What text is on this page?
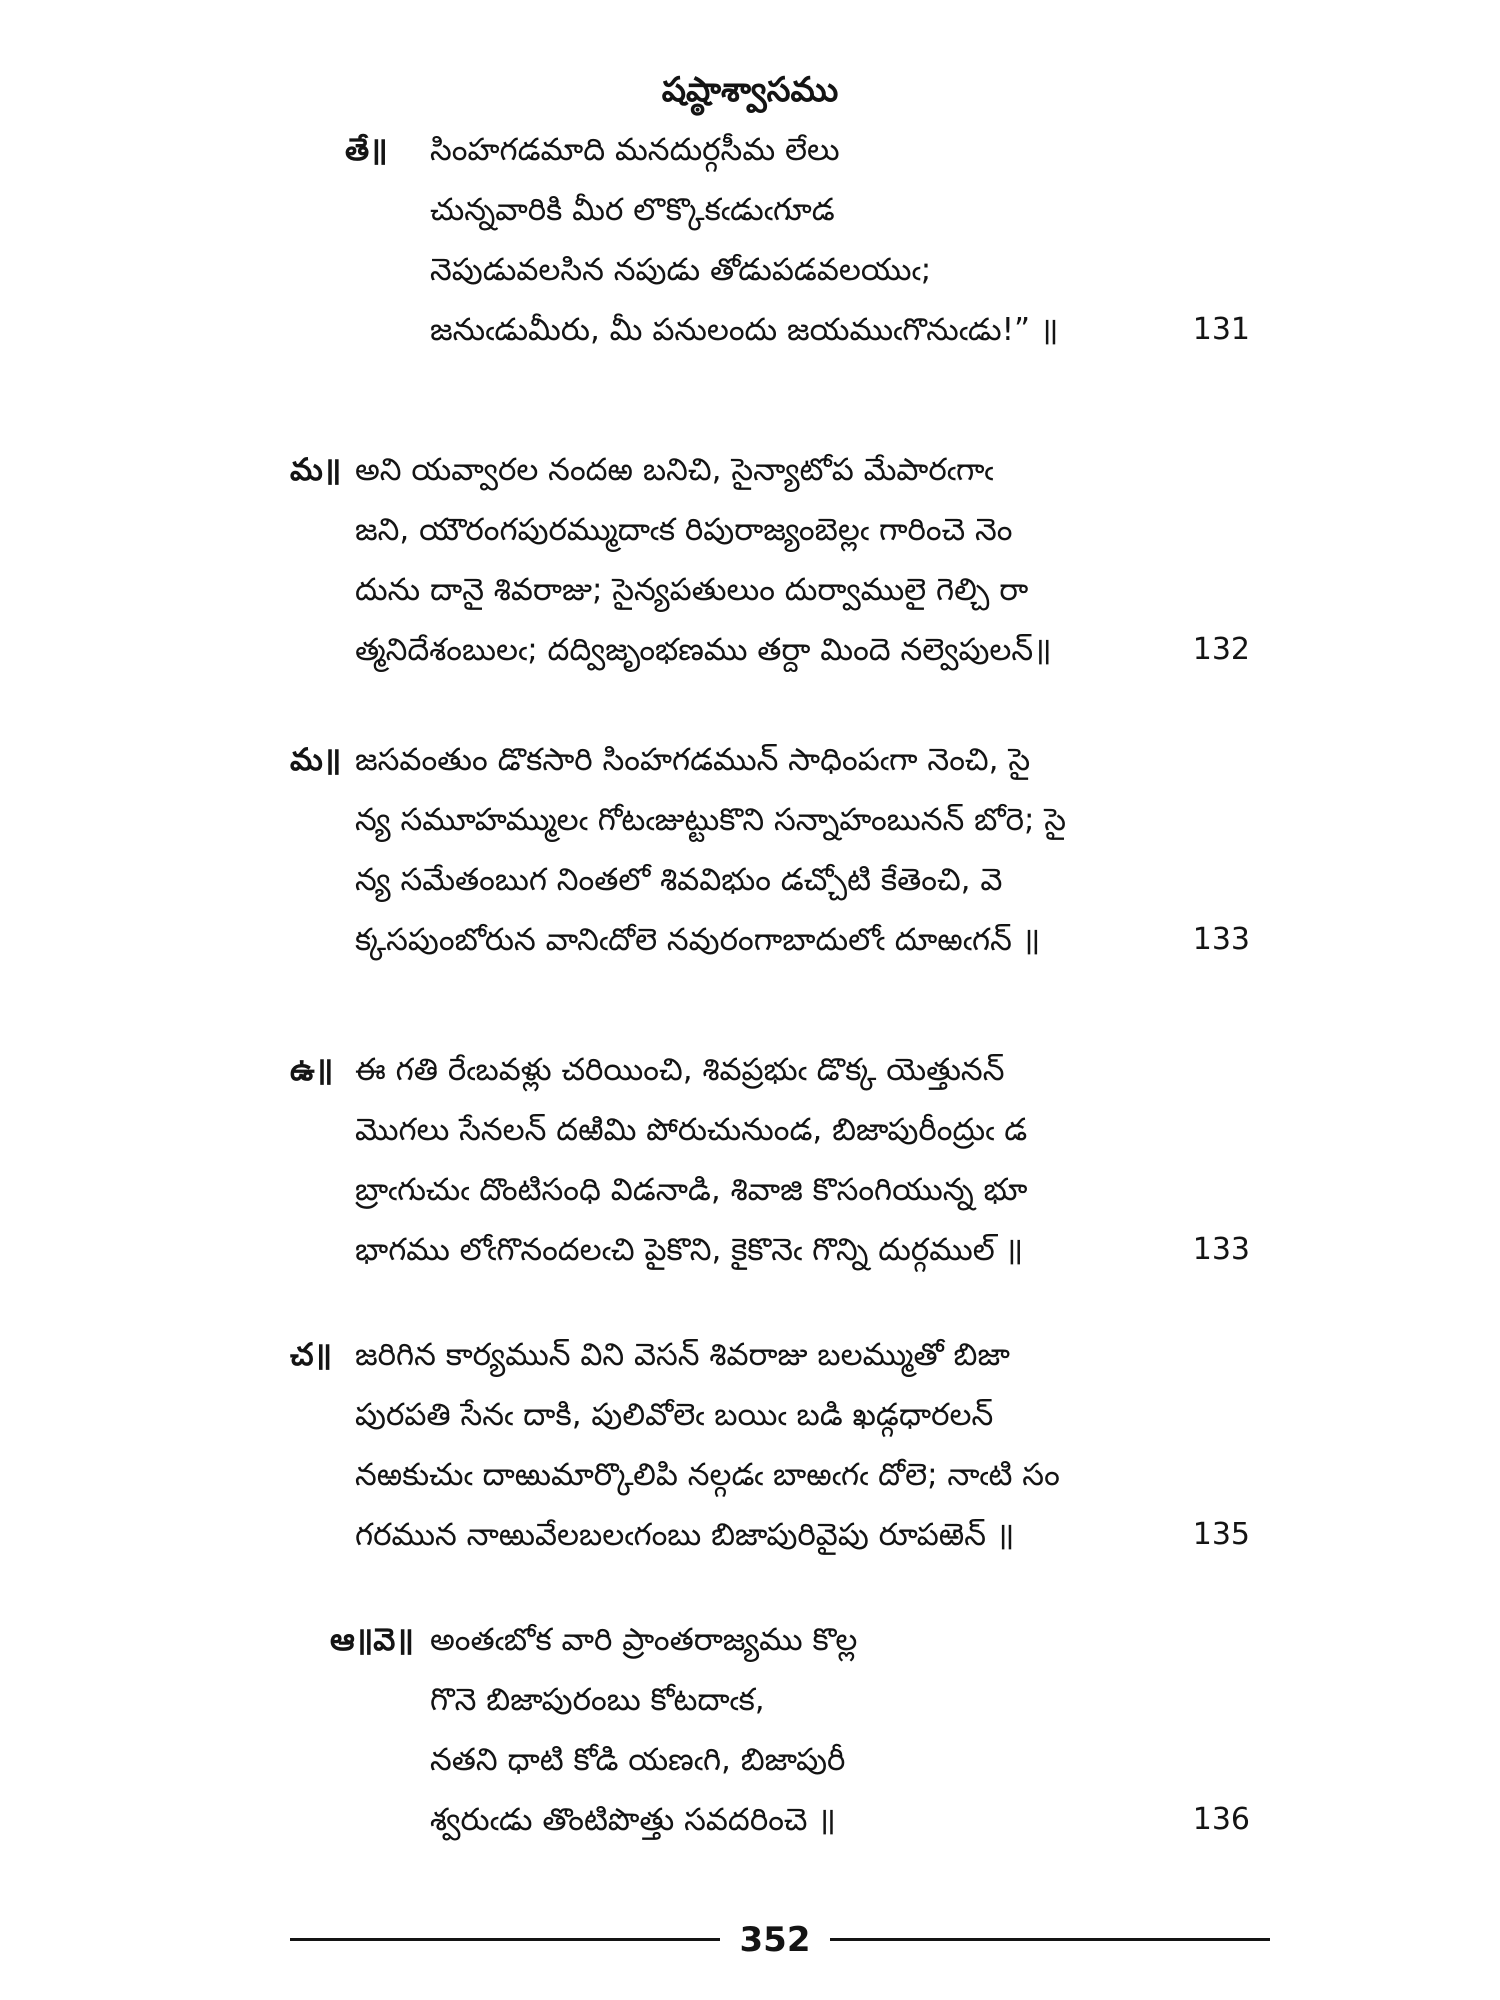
షష్ఠాశ్వాసము
తే॥ సింహగడమాది మనదుర్గసీమ లేలు
చున్నవారికి మీర లొక్కొకఁడుఁగూడ
నెపుడువలసిన నపుడు తోడుపడవలయుఁ;
జనుఁడుమీరు, మీ పనులందు జయముఁగొనుఁడు!” ॥	131
మ॥ అని యవ్వారల నందఱ బనిచి, సైన్యాటోప మేపారఁగాఁ
జని, యౌరంగపురమ్ముదాఁక రిపురాజ్యంబెల్లఁ గారించె నెం
దును దానై శివరాజు; సైన్యపతులుం దుర్వాములై గెల్చి రా
త్మనిదేశంబులఁ; దద్విజృంభణము తర్దా మిందె నల్వెపులన్॥	132
మ॥ జసవంతుం డొకసారి సింహగడమున్ సాధింపఁగా నెంచి, సై
న్య సమూహమ్ములఁ గోటఁజుట్టుకొని సన్నాహంబునన్ బోరె; సై
న్య సమేతంబుగ నింతలో శివవిభుం డచ్చోటి కేతెంచి, వె
క్కసపుంబోరున వానిఁదోలె నవురంగాబాదులోఁ దూఱఁగన్ ॥	133
ఉ॥ ఈ గతి రేఁబవళ్లు చరియించి, శివప్రభుఁ డొక్క యెత్తునన్
మొగలు సేనలన్ దఱిమి పోరుచునుండ, బిజాపురీంద్రుఁ డ
బ్రాఁగుచుఁ దొంటిసంధి విడనాడి, శివాజి కొసంగియున్న భూ
భాగము లోఁగొనందలఁచి పైకొని, కైకొనెఁ గొన్ని దుర్గముల్ ॥	133
చ॥ జరిగిన కార్యమున్ విని వెసన్ శివరాజు బలమ్ముతో బిజా
పురపతి సేనఁ దాకి, పులివోలెఁ బయిఁ బడి ఖడ్గధారలన్
నఱకుచుఁ దాఱుమార్కొలిపి నల్గడఁ బాఱఁగఁ దోలె; నాఁటి సం
గరమున నాఱువేలబలఁగంబు బిజాపురివైపు రూపఱెన్ ॥	135
ఆ॥వె॥ అంతఁబోక వారి ప్రాంతరాజ్యము కొల్ల
గొనె బిజాపురంబు కోటదాఁక,
నతని ధాటి కోడి యణఁగి, బిజాపురీ
శ్వరుఁడు తొంటిపొత్తు సవదరించె ॥	136
352
